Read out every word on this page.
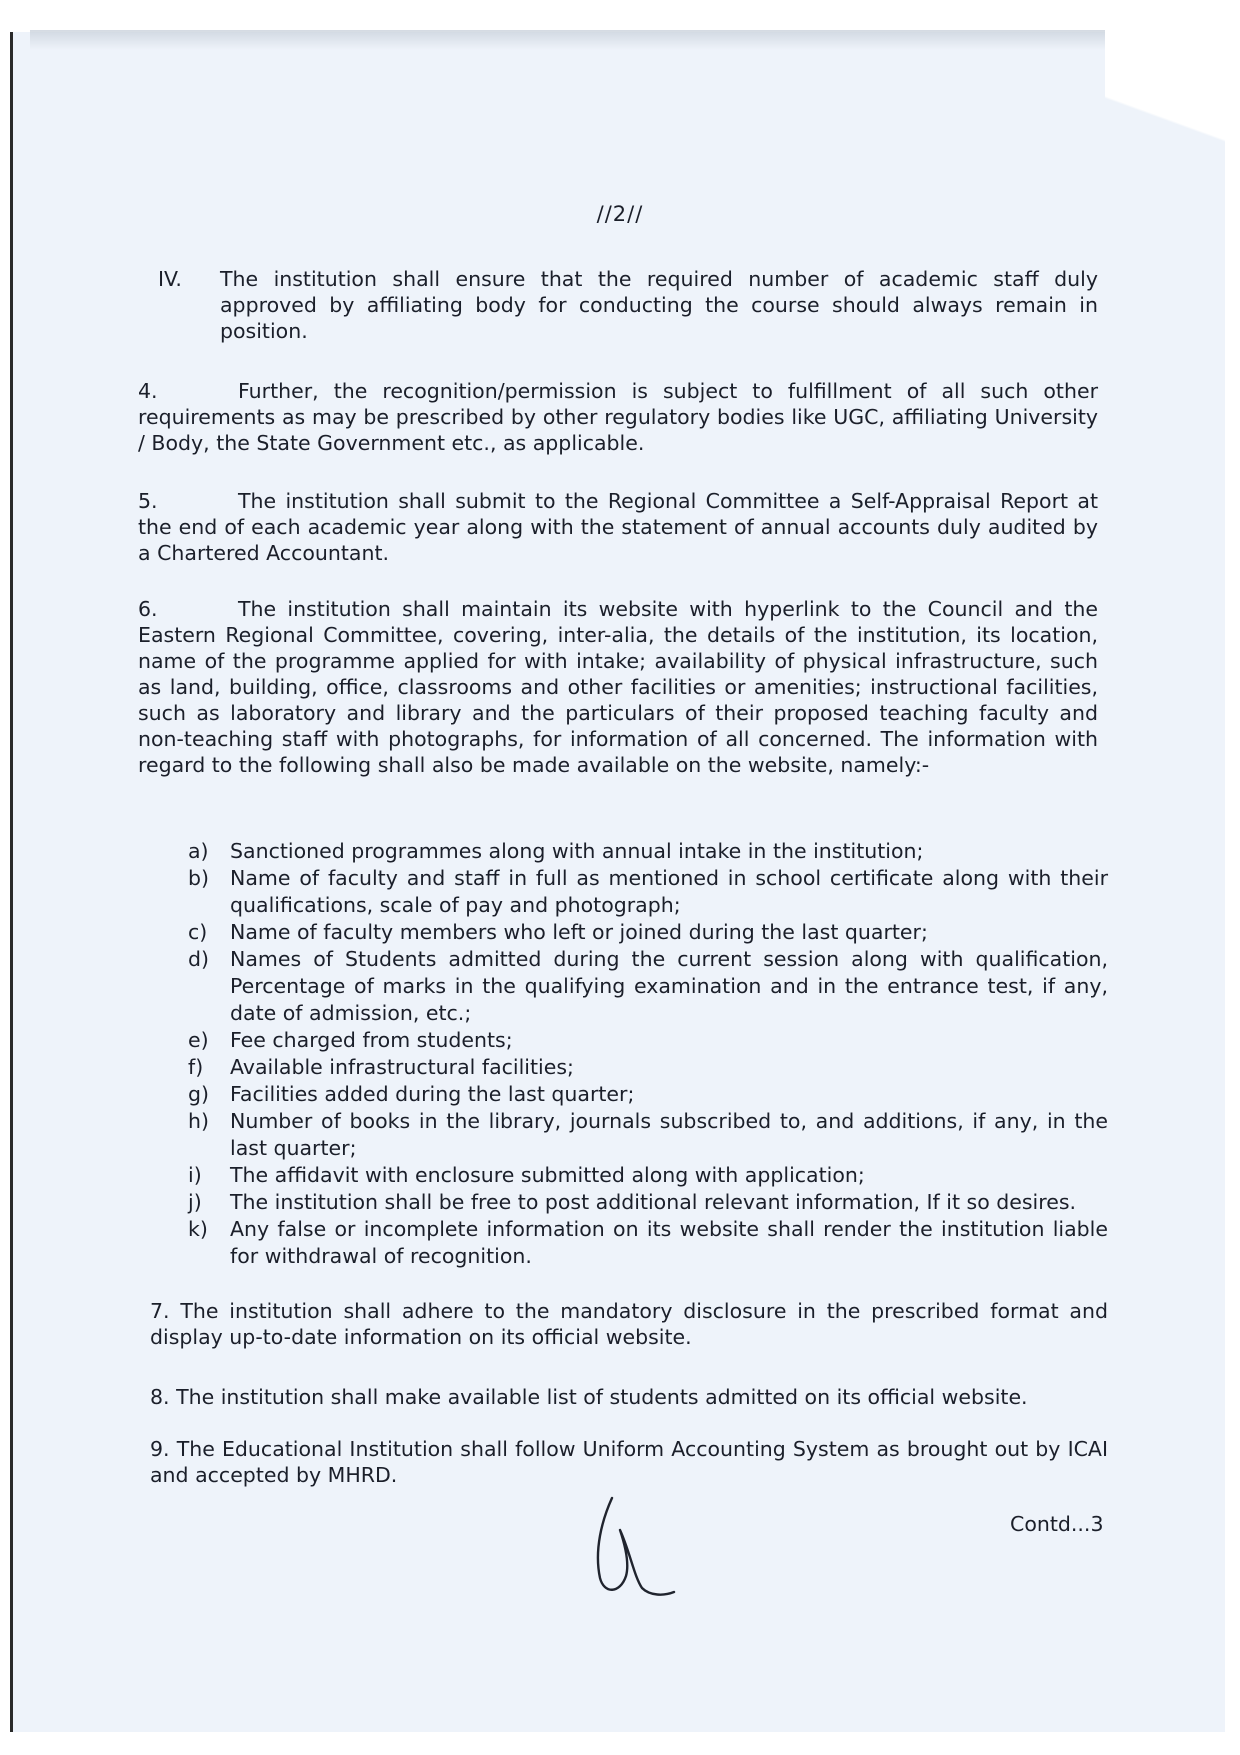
//2//
IV.	The institution shall ensure that the required number of academic staff duly approved by affiliating body for conducting the course should always remain in position.

4.	Further, the recognition/permission is subject to fulfillment of all such other requirements as may be prescribed by other regulatory bodies like UGC, affiliating University / Body, the State Government etc., as applicable.

5.	The institution shall submit to the Regional Committee a Self-Appraisal Report at the end of each academic year along with the statement of annual accounts duly audited by a Chartered Accountant.

6.	The institution shall maintain its website with hyperlink to the Council and the Eastern Regional Committee, covering, inter-alia, the details of the institution, its location, name of the programme applied for with intake; availability of physical infrastructure, such as land, building, office, classrooms and other facilities or amenities; instructional facilities, such as laboratory and library and the particulars of their proposed teaching faculty and non-teaching staff with photographs, for information of all concerned. The information with regard to the following shall also be made available on the website, namely:-

a) Sanctioned programmes along with annual intake in the institution;
b) Name of faculty and staff in full as mentioned in school certificate along with their qualifications, scale of pay and photograph;
c) Name of faculty members who left or joined during the last quarter;
d) Names of Students admitted during the current session along with qualification, Percentage of marks in the qualifying examination and in the entrance test, if any, date of admission, etc.;
e) Fee charged from students;
f) Available infrastructural facilities;
g) Facilities added during the last quarter;
h) Number of books in the library, journals subscribed to, and additions, if any, in the last quarter;
i) The affidavit with enclosure submitted along with application;
j) The institution shall be free to post additional relevant information, If it so desires.
k) Any false or incomplete information on its website shall render the institution liable for withdrawal of recognition.

7. The institution shall adhere to the mandatory disclosure in the prescribed format and display up-to-date information on its official website.

8. The institution shall make available list of students admitted on its official website.

9. The Educational Institution shall follow Uniform Accounting System as brought out by ICAI and accepted by MHRD.

Contd...3
